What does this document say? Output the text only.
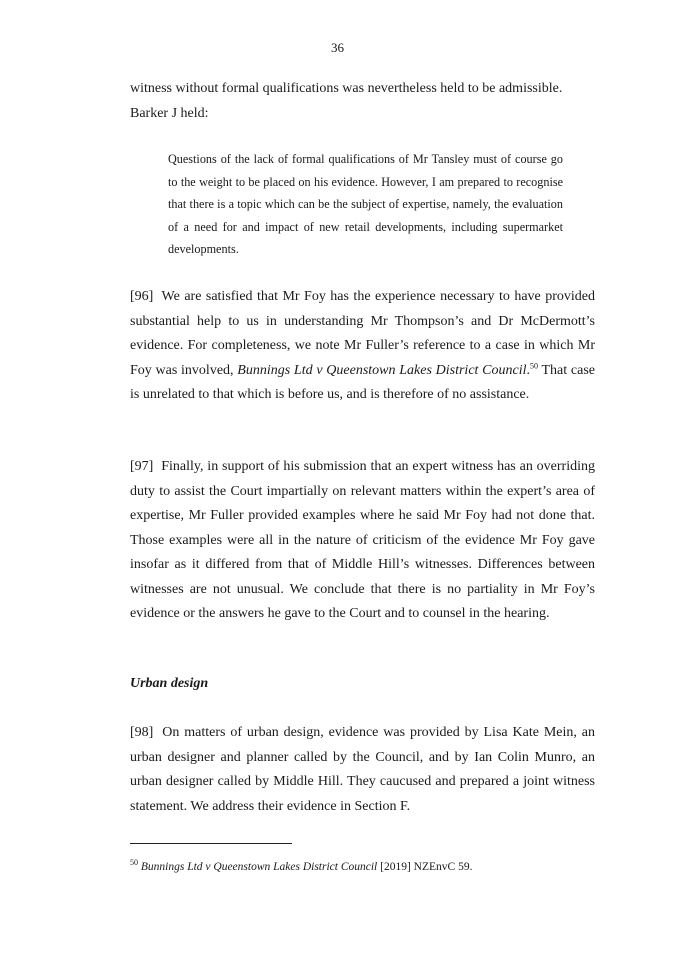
36
witness without formal qualifications was nevertheless held to be admissible.
Barker J held:
Questions of the lack of formal qualifications of Mr Tansley must of course go to the weight to be placed on his evidence. However, I am prepared to recognise that there is a topic which can be the subject of expertise, namely, the evaluation of a need for and impact of new retail developments, including supermarket developments.
[96] We are satisfied that Mr Foy has the experience necessary to have provided substantial help to us in understanding Mr Thompson’s and Dr McDermott’s evidence. For completeness, we note Mr Fuller’s reference to a case in which Mr Foy was involved, Bunnings Ltd v Queenstown Lakes District Council.$^{50}$ That case is unrelated to that which is before us, and is therefore of no assistance.
[97] Finally, in support of his submission that an expert witness has an overriding duty to assist the Court impartially on relevant matters within the expert’s area of expertise, Mr Fuller provided examples where he said Mr Foy had not done that. Those examples were all in the nature of criticism of the evidence Mr Foy gave insofar as it differed from that of Middle Hill’s witnesses. Differences between witnesses are not unusual. We conclude that there is no partiality in Mr Foy’s evidence or the answers he gave to the Court and to counsel in the hearing.
Urban design
[98] On matters of urban design, evidence was provided by Lisa Kate Mein, an urban designer and planner called by the Council, and by Ian Colin Munro, an urban designer called by Middle Hill. They caucused and prepared a joint witness statement. We address their evidence in Section F.
$^{50}$ Bunnings Ltd v Queenstown Lakes District Council [2019] NZEnvC 59.
